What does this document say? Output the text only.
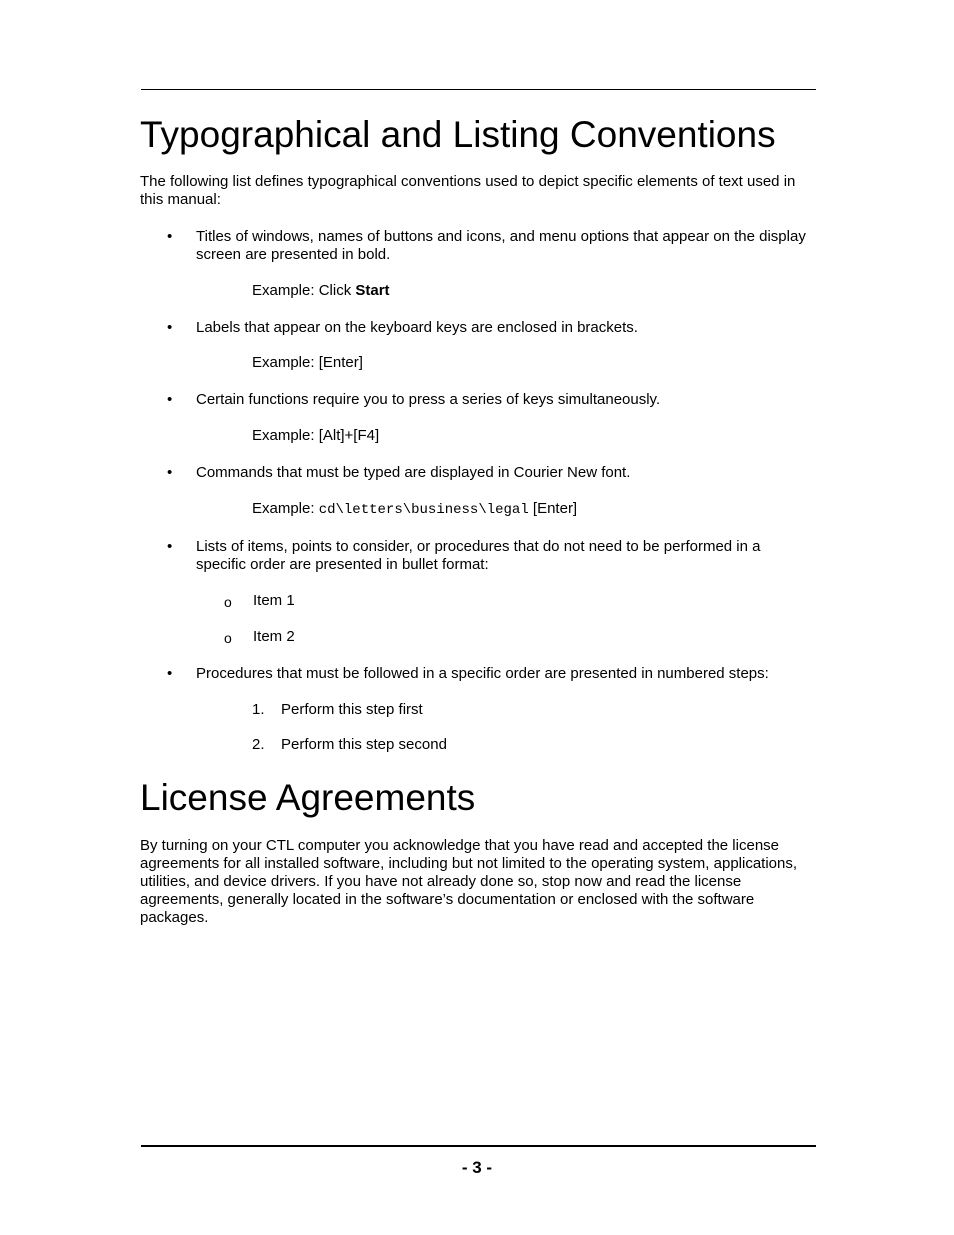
Typographical and Listing Conventions
The following list defines typographical conventions used to depict specific elements of text used in this manual:
• Titles of windows, names of buttons and icons, and menu options that appear on the display screen are presented in bold.
Example: Click Start
• Labels that appear on the keyboard keys are enclosed in brackets.
Example: [Enter]
• Certain functions require you to press a series of keys simultaneously.
Example: [Alt]+[F4]
• Commands that must be typed are displayed in Courier New font.
Example: cd\letters\business\legal [Enter]
• Lists of items, points to consider, or procedures that do not need to be performed in a specific order are presented in bullet format:
o Item 1
o Item 2
• Procedures that must be followed in a specific order are presented in numbered steps:
1. Perform this step first
2. Perform this step second
License Agreements
By turning on your CTL computer you acknowledge that you have read and accepted the license agreements for all installed software, including but not limited to the operating system, applications, utilities, and device drivers. If you have not already done so, stop now and read the license agreements, generally located in the software’s documentation or enclosed with the software packages.
- 3 -
